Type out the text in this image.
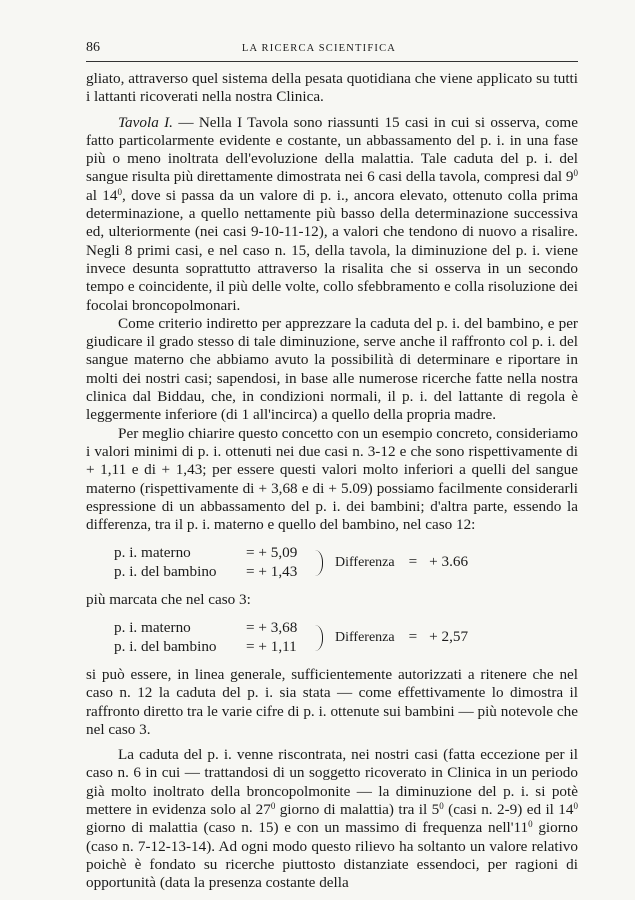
86	LA RICERCA SCIENTIFICA

gliato, attraverso quel sistema della pesata quotidiana che viene applicato su tutti i lattanti ricoverati nella nostra Clinica.

Tavola I. — Nella I Tavola sono riassunti 15 casi in cui si osserva, come fatto particolarmente evidente e costante, un abbassamento del p. i. in una fase più o meno inoltrata dell'evoluzione della malattia. Tale caduta del p. i. del sangue risulta più direttamente dimostrata nei 6 casi della tavola, compresi dal $9^0$ al $14^0$, dove si passa da un valore di p. i., ancora elevato, ottenuto colla prima determinazione, a quello nettamente più basso della determinazione successiva ed, ulteriormente (nei casi 9-10-11-12), a valori che tendono di nuovo a risalire. Negli 8 primi casi, e nel caso n. 15, della tavola, la diminuzione del p. i. viene invece desunta soprattutto attraverso la risalita che si osserva in un secondo tempo e coincidente, il più delle volte, collo sfebbramento e colla risoluzione dei focolai broncopolmonari.

Come criterio indiretto per apprezzare la caduta del p. i. del bambino, e per giudicare il grado stesso di tale diminuzione, serve anche il raffronto col p. i. del sangue materno che abbiamo avuto la possibilità di determinare e riportare in molti dei nostri casi; sapendosi, in base alle numerose ricerche fatte nella nostra clinica dal Biddau, che, in condizioni normali, il p. i. del lattante di regola è leggermente inferiore (di 1 all'incirca) a quello della propria madre.

Per meglio chiarire questo concetto con un esempio concreto, consideriamo i valori minimi di p. i. ottenuti nei due casi n. 3-12 e che sono rispettivamente di + 1,11 e di + 1,43; per essere questi valori molto inferiori a quelli del sangue materno (rispettivamente di + 3,68 e di + 5.09) possiamo facilmente considerarli espressione di un abbassamento del p. i. dei bambini; d'altra parte, essendo la differenza, tra il p. i. materno e quello del bambino, nel caso 12:

p. i. materno	= + 5,09
p. i. del bambino	= + 1,43
Differenza = + 3.66

più marcata che nel caso 3:

p. i. materno	= + 3,68
p. i. del bambino	= + 1,11
Differenza = + 2,57

si può essere, in linea generale, sufficientemente autorizzati a ritenere che nel caso n. 12 la caduta del p. i. sia stata — come effettivamente lo dimostra il raffronto diretto tra le varie cifre di p. i. ottenute sui bambini — più notevole che nel caso 3.

La caduta del p. i. venne riscontrata, nei nostri casi (fatta eccezione per il caso n. 6 in cui — trattandosi di un soggetto ricoverato in Clinica in un periodo già molto inoltrato della broncopolmonite — la diminuzione del p. i. si potè mettere in evidenza solo al $27^0$ giorno di malattia) tra il $5^0$ (casi n. 2-9) ed il $14^0$ giorno di malattia (caso n. 15) e con un massimo di frequenza $nell'11^0$ giorno (caso n. 7-12-13-14). Ad ogni modo questo rilievo ha soltanto un valore relativo poichè è fondato su ricerche piuttosto distanziate essendoci, per ragioni di opportunità (data la presenza costante della
